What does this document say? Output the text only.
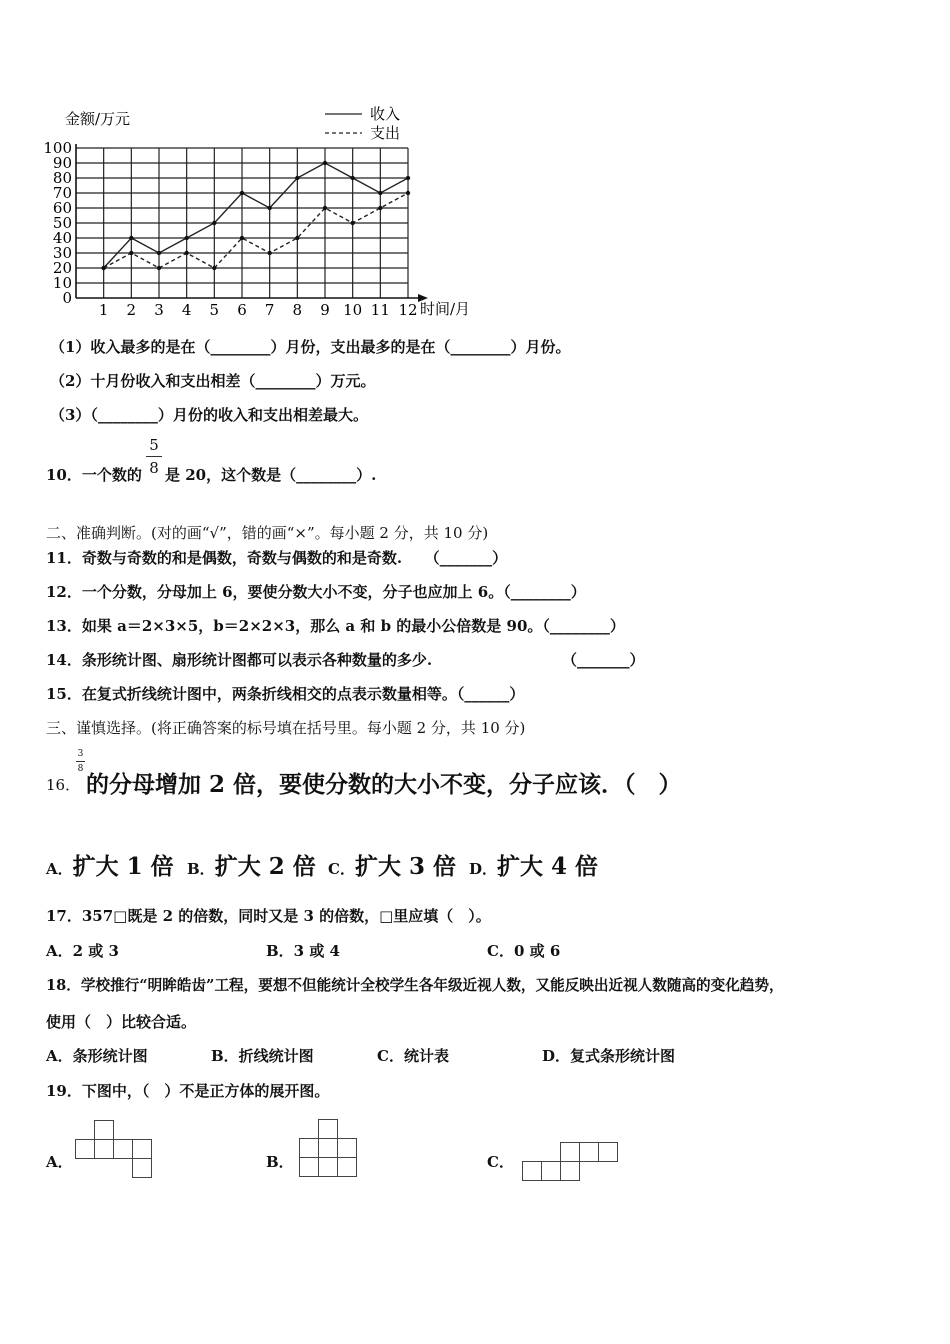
金额/万元	收入
支出
0
10
20
30
40
50
60
70
80
90
100
1 2 3 4 5 6 7 8 9 10 11 12 时间/月
（1）收入最多的是在（________）月份，支出最多的是在（________）月份。
（2）十月份收入和支出相差（________）万元。
（3）（________）月份的收入和支出相差最大。
10．一个数的
5
8 是 20，这个数是（________）.
二、准确判断。(对的画“√”，错的画“×”。每小题 2 分，共 10 分)
11．奇数与奇数的和是偶数，奇数与偶数的和是奇数.　　（_______）
12．一个分数，分母加上 6，要使分数大小不变，分子也应加上 6。（________）
13．如果 a＝2×3×5，b＝2×2×3，那么 a 和 b 的最小公倍数是 90。（________）
14．条形统计图、扇形统计图都可以表示各种数量的多少.	（_______）
15．在复式折线统计图中，两条折线相交的点表示数量相等。（______）
三、谨慎选择。(将正确答案的标号填在括号里。每小题 2 分，共 10 分)
16．
3
8
的分母增加 2 倍，要使分数的大小不变，分子应该．（　）
A．扩大 1 倍 B．扩大 2 倍 C．扩大 3 倍 D．扩大 4 倍
17．357□既是 2 的倍数，同时又是 3 的倍数，□里应填（　）。
A．2 或 3	B．3 或 4	C．0 或 6
18．学校推行“明眸皓齿”工程，要想不但能统计全校学生各年级近视人数，又能反映出近视人数随高的变化趋势，
使用（　）比较合适。
A．条形统计图	B．折线统计图	C．统计表	D．复式条形统计图
19．下图中，（　）不是正方体的展开图。
A．	B．	C．
